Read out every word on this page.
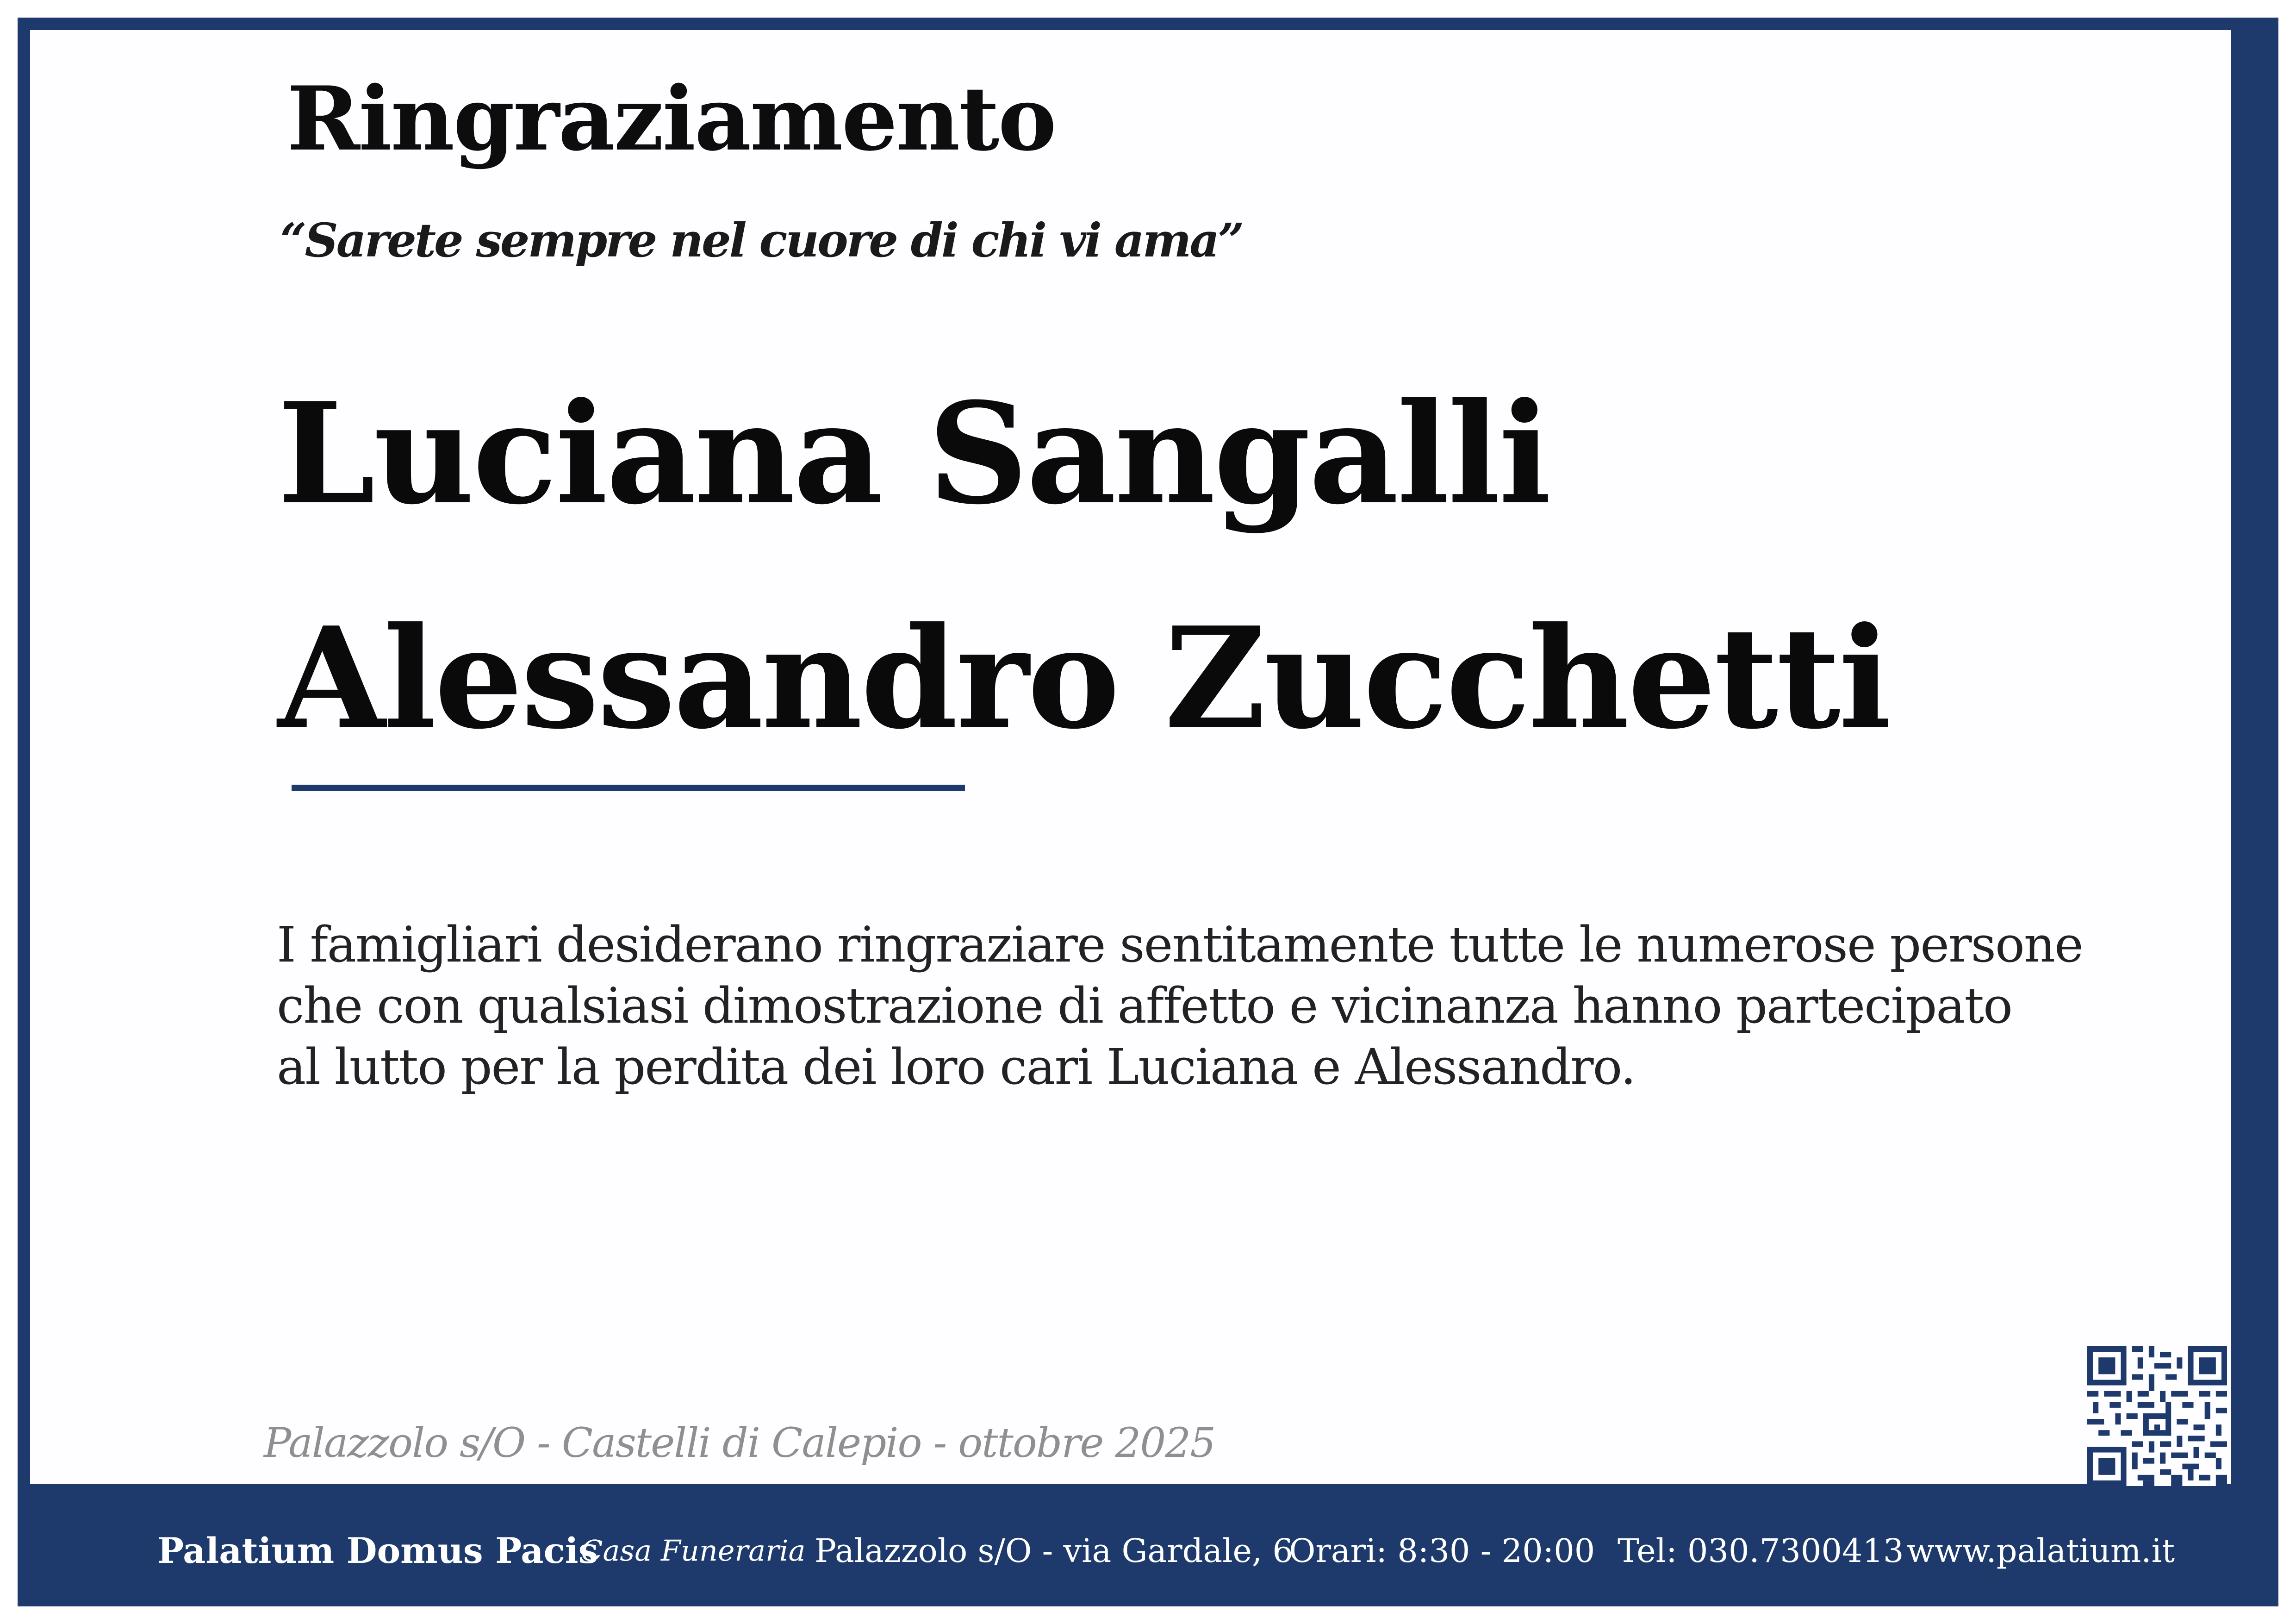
Ringraziamento
“Sarete sempre nel cuore di chi vi ama”
Luciana Sangalli
Alessandro Zucchetti
I famigliari desiderano ringraziare sentitamente tutte le numerose persone
che con qualsiasi dimostrazione di affetto e vicinanza hanno partecipato
al lutto per la perdita dei loro cari Luciana e Alessandro.
Palazzolo s/O - Castelli di Calepio - ottobre 2025
Palatium Domus Pacis
Casa Funeraria Palazzolo s/O - via Gardale, 6
Orari: 8:30 - 20:00 Tel: 030.7300413 www.palatium.it
